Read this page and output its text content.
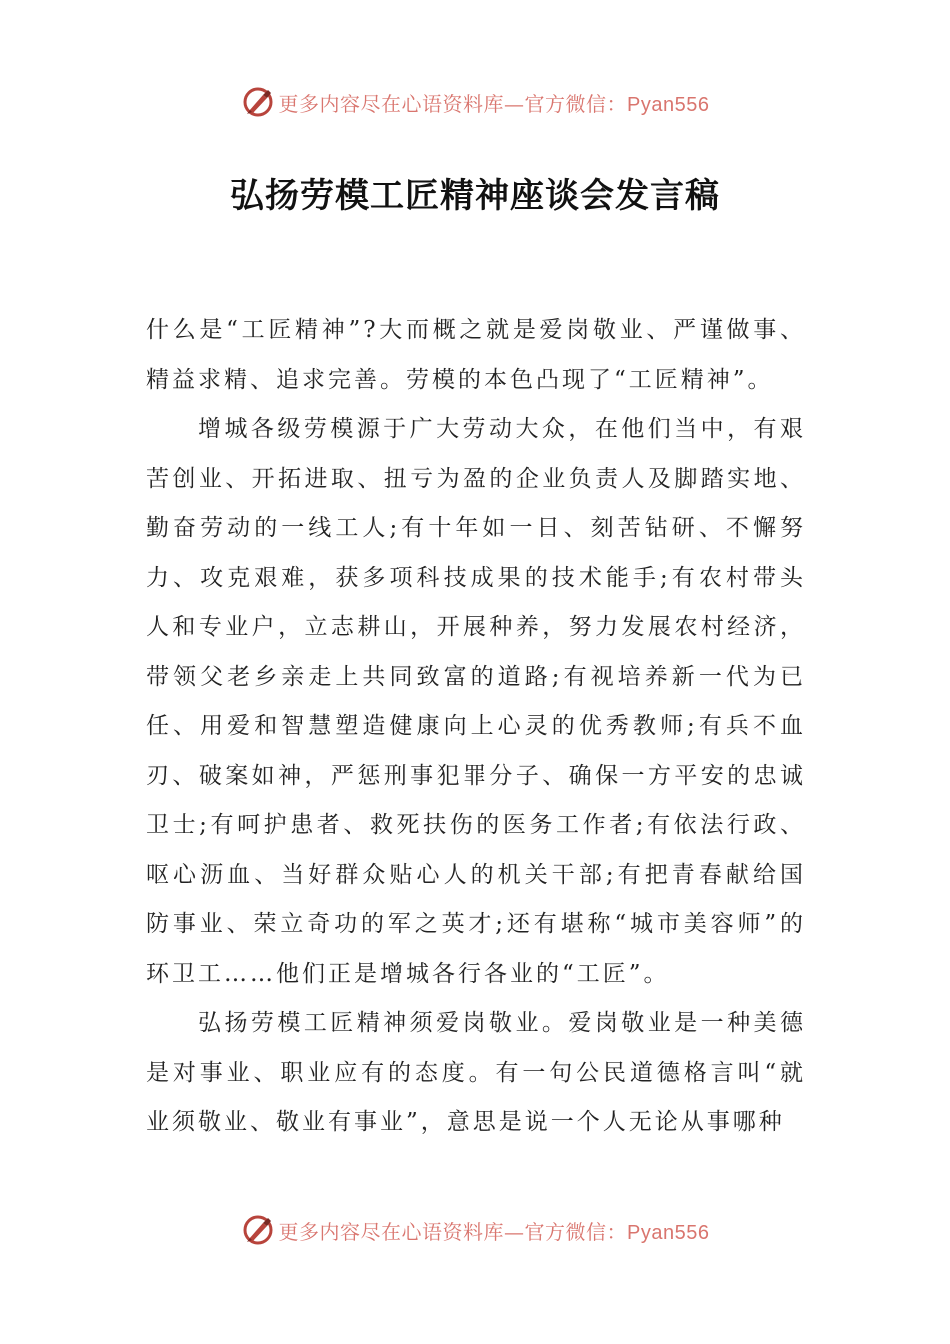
更多内容尽在心语资料库—官方微信：Pyan556
弘扬劳模工匠精神座谈会发言稿

什么是“工匠精神”?大而概之就是爱岗敬业、严谨做事、精益求精、追求完善。劳模的本色凸现了“工匠精神”。

增城各级劳模源于广大劳动大众，在他们当中，有艰苦创业、开拓进取、扭亏为盈的企业负责人及脚踏实地、勤奋劳动的一线工人;有十年如一日、刻苦钻研、不懈努力、攻克艰难，获多项科技成果的技术能手;有农村带头人和专业户，立志耕山，开展种养，努力发展农村经济，带领父老乡亲走上共同致富的道路;有视培养新一代为已任、用爱和智慧塑造健康向上心灵的优秀教师;有兵不血刃、破案如神，严惩刑事犯罪分子、确保一方平安的忠诚卫士;有呵护患者、救死扶伤的医务工作者;有依法行政、呕心沥血、当好群众贴心人的机关干部;有把青春献给国防事业、荣立奇功的军之英才;还有堪称“城市美容师”的环卫工……他们正是增城各行各业的“工匠”。

弘扬劳模工匠精神须爱岗敬业。爱岗敬业是一种美德是对事业、职业应有的态度。有一句公民道德格言叫“就业须敬业、敬业有事业”，意思是说一个人无论从事哪种

更多内容尽在心语资料库—官方微信：Pyan556
